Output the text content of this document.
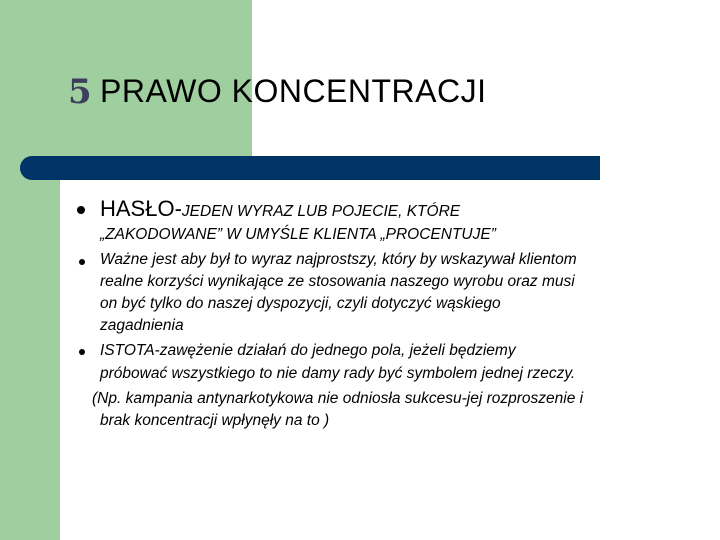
5 PRAWO KONCENTRACJI
HASŁO-JEDEN WYRAZ LUB POJECIE, KTÓRE
„ZAKODOWANE” W UMYŚLE KLIENTA „PROCENTUJE”
Ważne jest aby był to wyraz najprostszy, który by wskazywał klientom
realne korzyści wynikające ze stosowania naszego wyrobu oraz musi
on być tylko do naszej dyspozycji, czyli dotyczyć wąskiego
zagadnienia
ISTOTA-zawężenie działań do jednego pola, jeżeli będziemy
próbować wszystkiego to nie damy rady być symbolem jednej rzeczy.
(Np. kampania antynarkotykowa nie odniosła sukcesu-jej rozproszenie i
brak koncentracji wpłynęły na to )
